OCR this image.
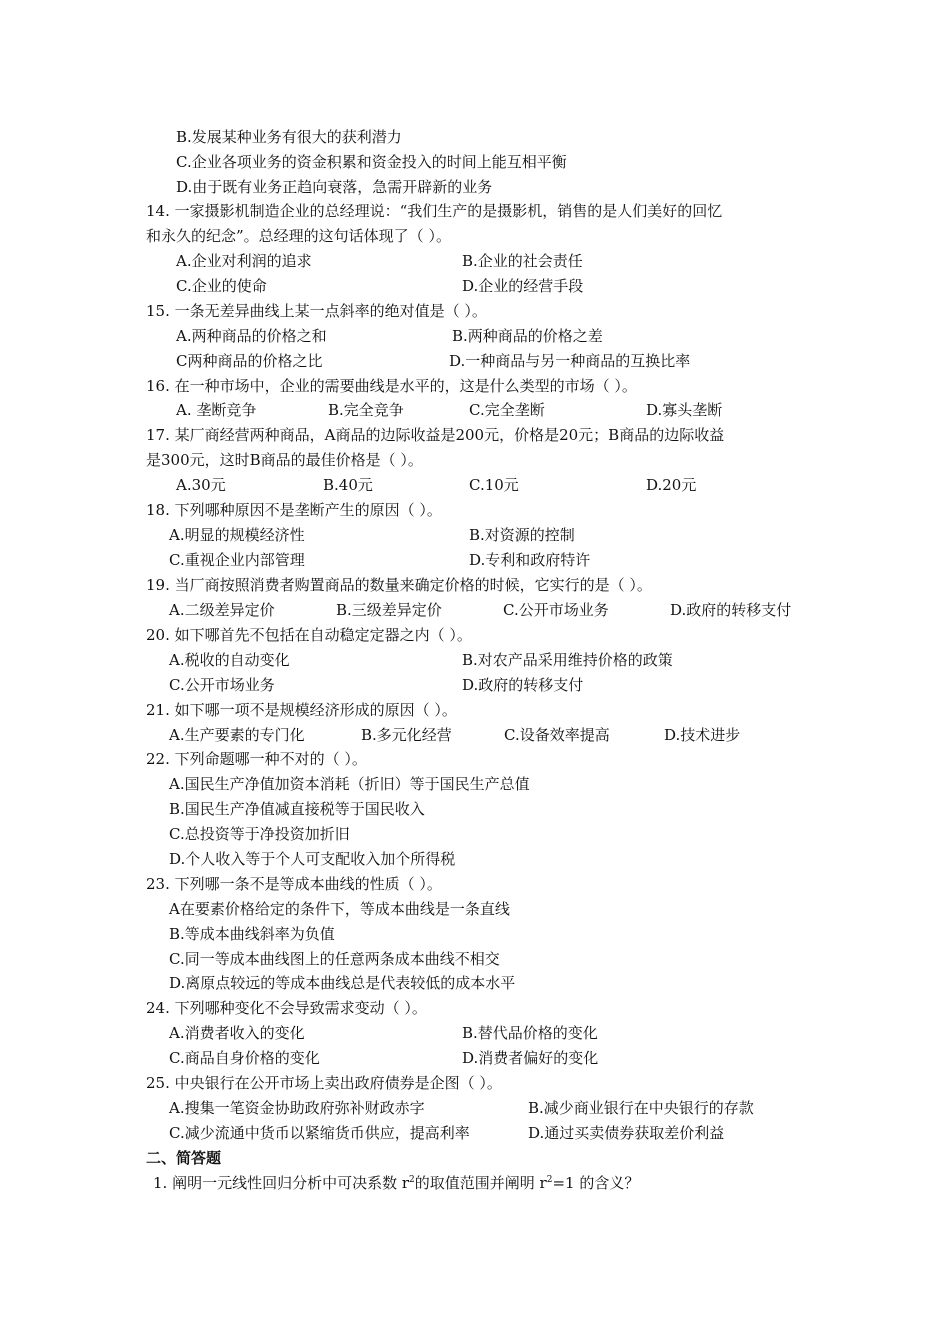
B.发展某种业务有很大的获利潜力
C.企业各项业务的资金积累和资金投入的时间上能互相平衡
D.由于既有业务正趋向衰落，急需开辟新的业务
14. 一家摄影机制造企业的总经理说：“我们生产的是摄影机，销售的是人们美好的回忆
和永久的纪念”。总经理的这句话体现了（ ）。
A.企业对利润的追求	B.企业的社会责任
C.企业的使命	D.企业的经营手段
15. 一条无差异曲线上某一点斜率的绝对值是（ ）。
A.两种商品的价格之和	B.两种商品的价格之差
C两种商品的价格之比	D.一种商品与另一种商品的互换比率
16. 在一种市场中，企业的需要曲线是水平的，这是什么类型的市场（ ）。
A. 垄断竞争	B.完全竞争	C.完全垄断	D.寡头垄断
17. 某厂商经营两种商品，A商品的边际收益是200元，价格是20元；B商品的边际收益
是300元，这时B商品的最佳价格是（ ）。
A.30元	B.40元	C.10元	D.20元
18. 下列哪种原因不是垄断产生的原因（ ）。
A.明显的规模经济性	B.对资源的控制
C.重视企业内部管理	D.专利和政府特许
19. 当厂商按照消费者购置商品的数量来确定价格的时候，它实行的是（ ）。
A.二级差异定价	B.三级差异定价	C.公开市场业务	D.政府的转移支付
20. 如下哪首先不包括在自动稳定定器之内（ ）。
A.税收的自动变化	B.对农产品采用维持价格的政策
C.公开市场业务	D.政府的转移支付
21. 如下哪一项不是规模经济形成的原因（ ）。
A.生产要素的专门化	B.多元化经营	C.设备效率提高	D.技术进步
22. 下列命题哪一种不对的（ ）。
A.国民生产净值加资本消耗（折旧）等于国民生产总值
B.国民生产净值减直接税等于国民收入
C.总投资等于净投资加折旧
D.个人收入等于个人可支配收入加个所得税
23. 下列哪一条不是等成本曲线的性质（ ）。
A在要素价格给定的条件下，等成本曲线是一条直线
B.等成本曲线斜率为负值
C.同一等成本曲线图上的任意两条成本曲线不相交
D.离原点较远的等成本曲线总是代表较低的成本水平
24. 下列哪种变化不会导致需求变动（ ）。
A.消费者收入的变化	B.替代品价格的变化
C.商品自身价格的变化	D.消费者偏好的变化
25. 中央银行在公开市场上卖出政府债券是企图（ ）。
A.搜集一笔资金协助政府弥补财政赤字	B.减少商业银行在中央银行的存款
C.减少流通中货币以紧缩货币供应，提高利率	D.通过买卖债券获取差价利益
二、简答题
1. 阐明一元线性回归分析中可决系数 $r^2$的取值范围并阐明 $r^2=1$ 的含义？
